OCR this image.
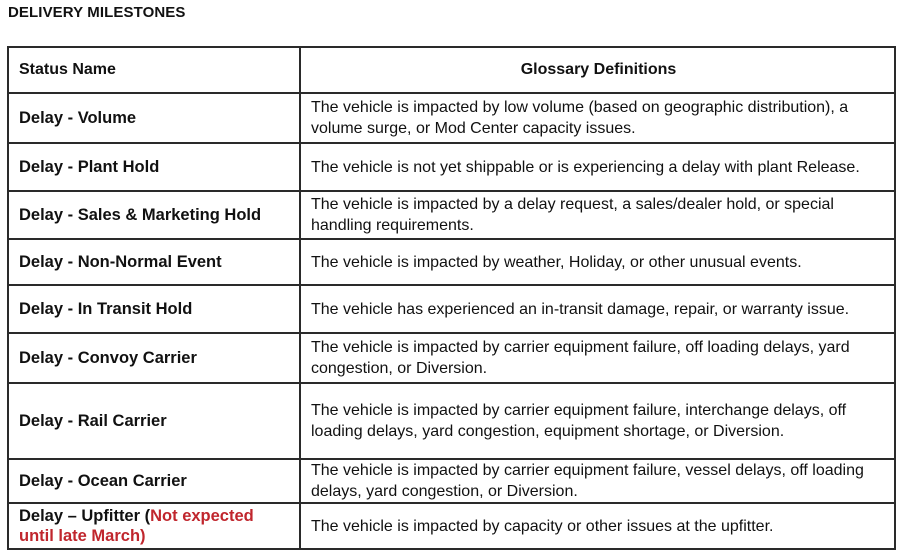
DELIVERY MILESTONES
Status Name	Glossary Definitions
Delay - Volume	The vehicle is impacted by low volume (based on geographic distribution), a volume surge, or Mod Center capacity issues.
Delay - Plant Hold	The vehicle is not yet shippable or is experiencing a delay with plant Release.
Delay - Sales & Marketing Hold	The vehicle is impacted by a delay request, a sales/dealer hold, or special handling requirements.
Delay - Non-Normal Event	The vehicle is impacted by weather, Holiday, or other unusual events.
Delay - In Transit Hold	The vehicle has experienced an in-transit damage, repair, or warranty issue.
Delay - Convoy Carrier	The vehicle is impacted by carrier equipment failure, off loading delays, yard congestion, or Diversion.
Delay - Rail Carrier	The vehicle is impacted by carrier equipment failure, interchange delays, off loading delays, yard congestion, equipment shortage, or Diversion.
Delay - Ocean Carrier	The vehicle is impacted by carrier equipment failure, vessel delays, off loading delays, yard congestion, or Diversion.
Delay – Upfitter (Not expected until late March)	The vehicle is impacted by capacity or other issues at the upfitter.
